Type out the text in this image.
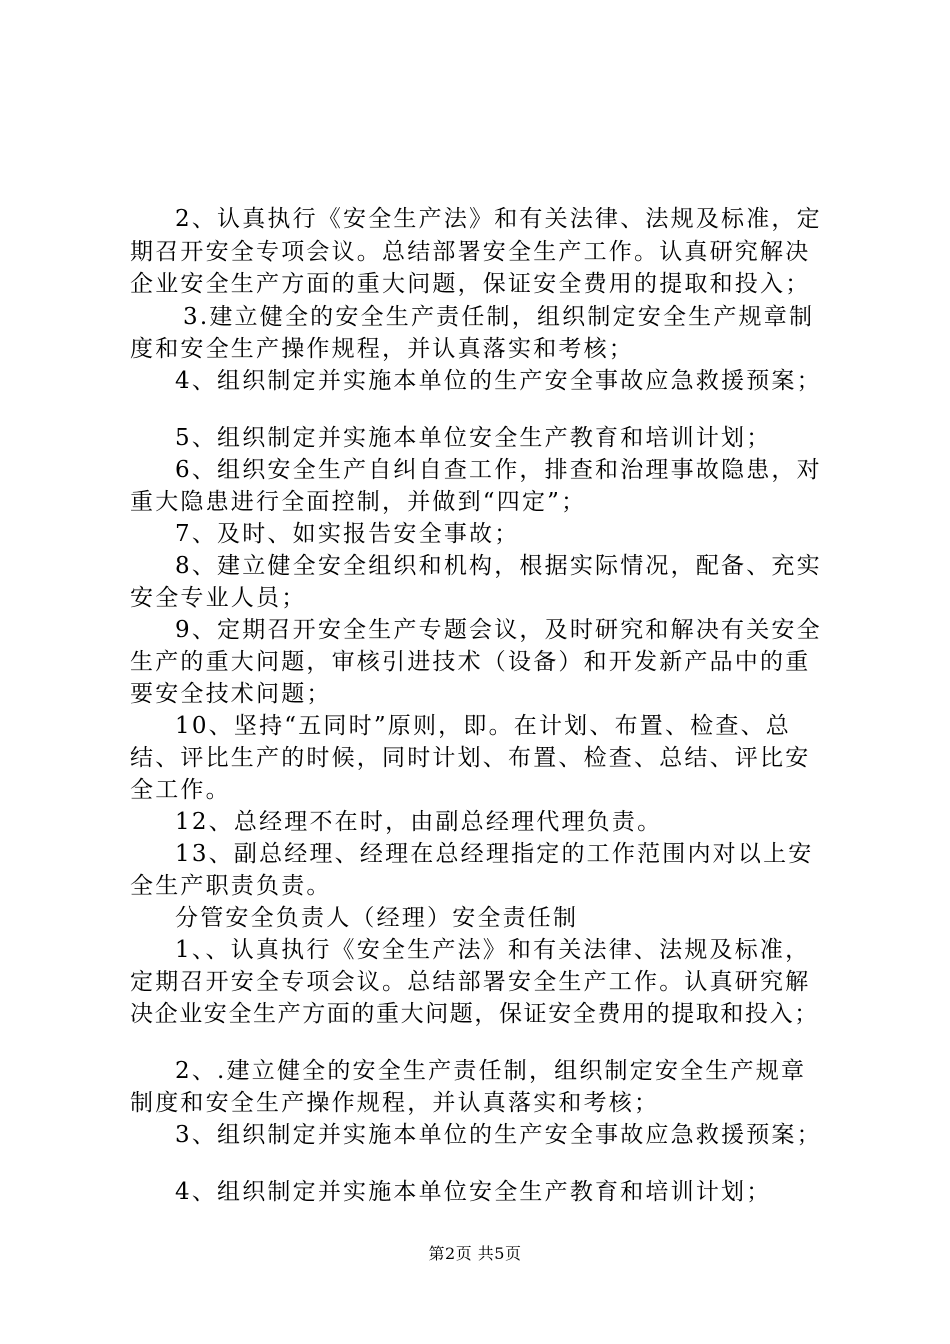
2、认真执行《安全生产法》和有关法律、法规及标准，定
期召开安全专项会议。总结部署安全生产工作。认真研究解决
企业安全生产方面的重大问题，保证安全费用的提取和投入；
3.建立健全的安全生产责任制，组织制定安全生产规章制
度和安全生产操作规程，并认真落实和考核；
4、组织制定并实施本单位的生产安全事故应急救援预案；
5、组织制定并实施本单位安全生产教育和培训计划；
6、组织安全生产自纠自查工作，排查和治理事故隐患，对
重大隐患进行全面控制，并做到“四定”；
7、及时、如实报告安全事故；
8、建立健全安全组织和机构，根据实际情况，配备、充实
安全专业人员；
9、定期召开安全生产专题会议，及时研究和解决有关安全
生产的重大问题，审核引进技术（设备）和开发新产品中的重
要安全技术问题；
10、坚持“五同时”原则，即。在计划、布置、检查、总
结、评比生产的时候，同时计划、布置、检查、总结、评比安
全工作。
12、总经理不在时，由副总经理代理负责。
13、副总经理、经理在总经理指定的工作范围内对以上安
全生产职责负责。
分管安全负责人（经理）安全责任制
1、、认真执行《安全生产法》和有关法律、法规及标准，
定期召开安全专项会议。总结部署安全生产工作。认真研究解
决企业安全生产方面的重大问题，保证安全费用的提取和投入；
2、.建立健全的安全生产责任制，组织制定安全生产规章
制度和安全生产操作规程，并认真落实和考核；
3、组织制定并实施本单位的生产安全事故应急救援预案；
4、组织制定并实施本单位安全生产教育和培训计划；
第2页 共5页
